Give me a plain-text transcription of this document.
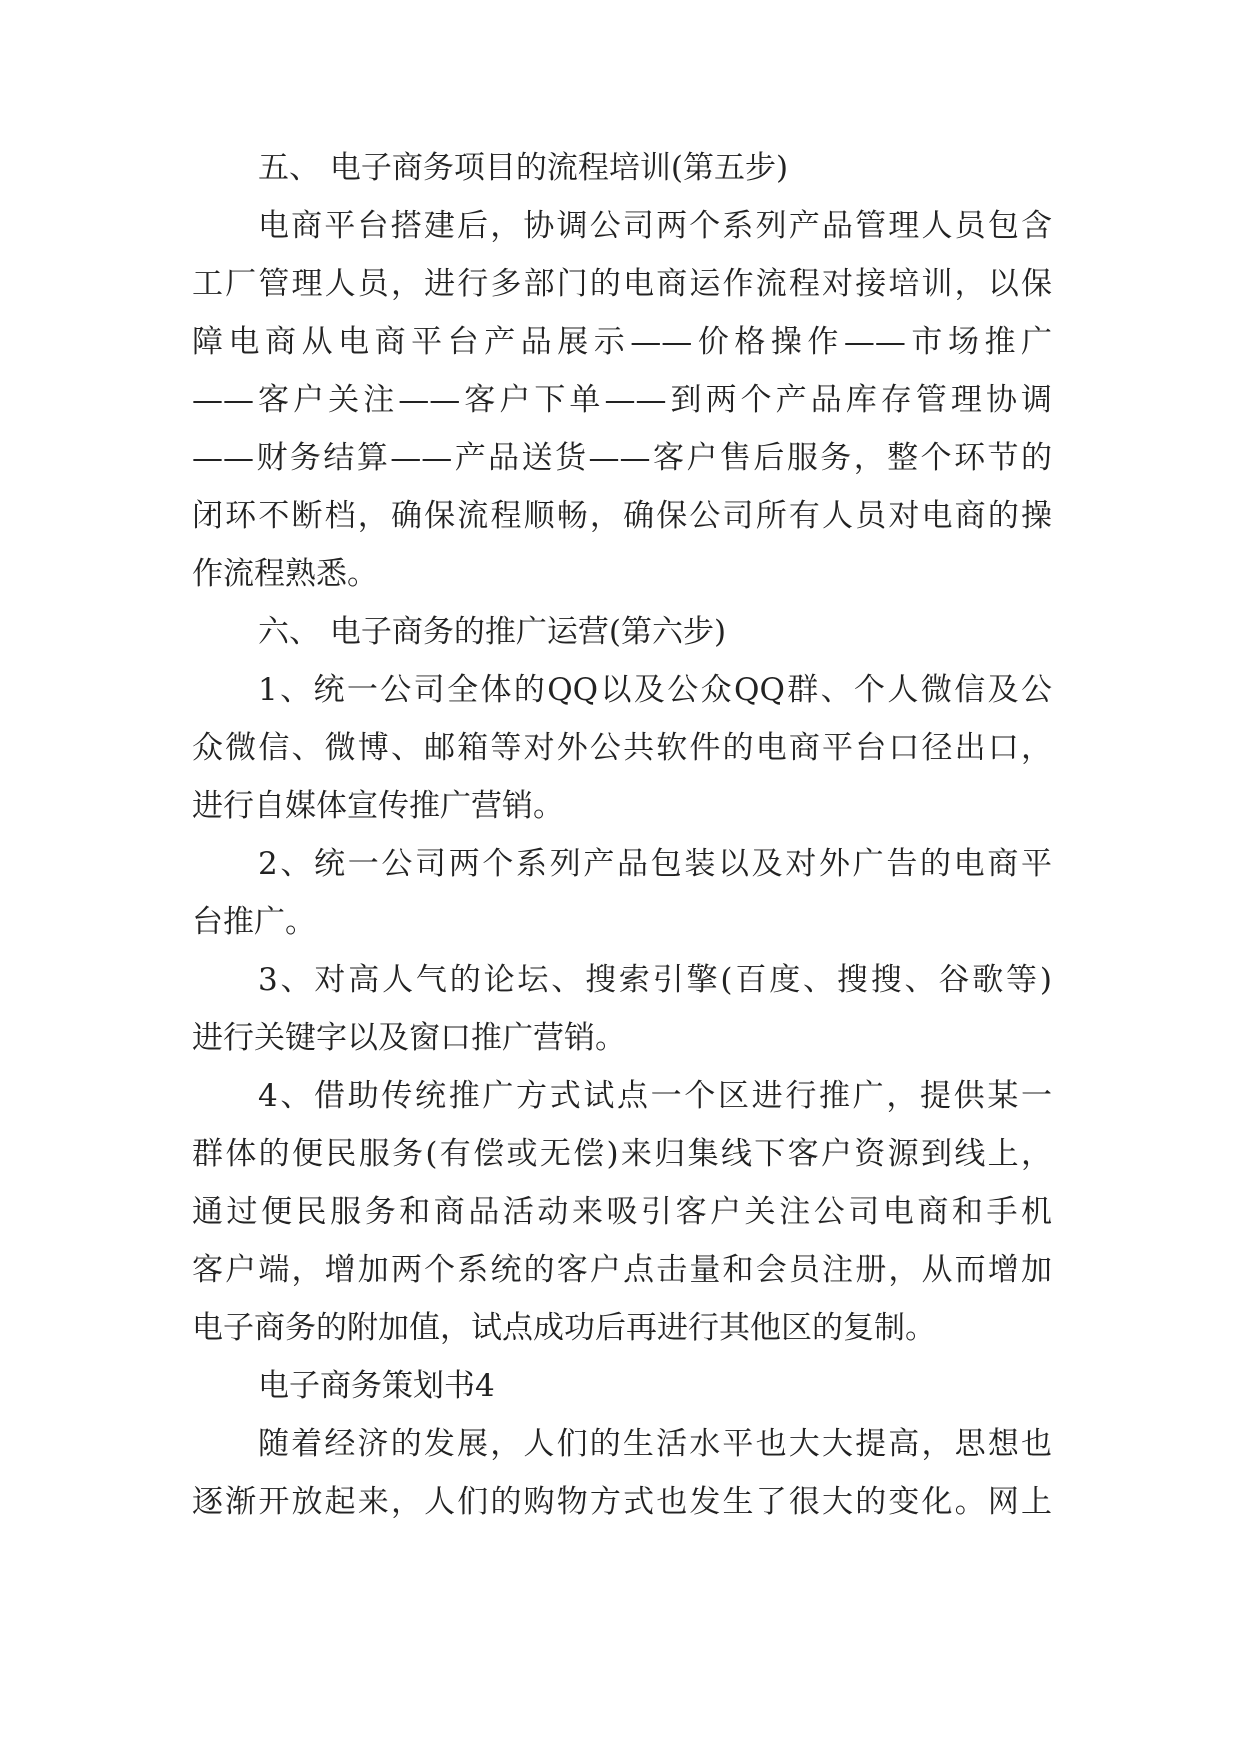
五、 电子商务项目的流程培训(第五步)
电商平台搭建后，协调公司两个系列产品管理人员包含
工厂管理人员，进行多部门的电商运作流程对接培训，以保
障电商从电商平台产品展示——价格操作——市场推广
——客户关注——客户下单——到两个产品库存管理协调
——财务结算——产品送货——客户售后服务，整个环节的
闭环不断档，确保流程顺畅，确保公司所有人员对电商的操
作流程熟悉。
六、 电子商务的推广运营(第六步)
1、统一公司全体的QQ以及公众QQ群、个人微信及公
众微信、微博、邮箱等对外公共软件的电商平台口径出口，
进行自媒体宣传推广营销。
2、统一公司两个系列产品包装以及对外广告的电商平
台推广。
3、对高人气的论坛、搜索引擎(百度、搜搜、谷歌等)
进行关键字以及窗口推广营销。
4、借助传统推广方式试点一个区进行推广，提供某一
群体的便民服务(有偿或无偿)来归集线下客户资源到线上，
通过便民服务和商品活动来吸引客户关注公司电商和手机
客户端，增加两个系统的客户点击量和会员注册，从而增加
电子商务的附加值，试点成功后再进行其他区的复制。
电子商务策划书4
随着经济的发展，人们的生活水平也大大提高，思想也
逐渐开放起来，人们的购物方式也发生了很大的变化。网上
